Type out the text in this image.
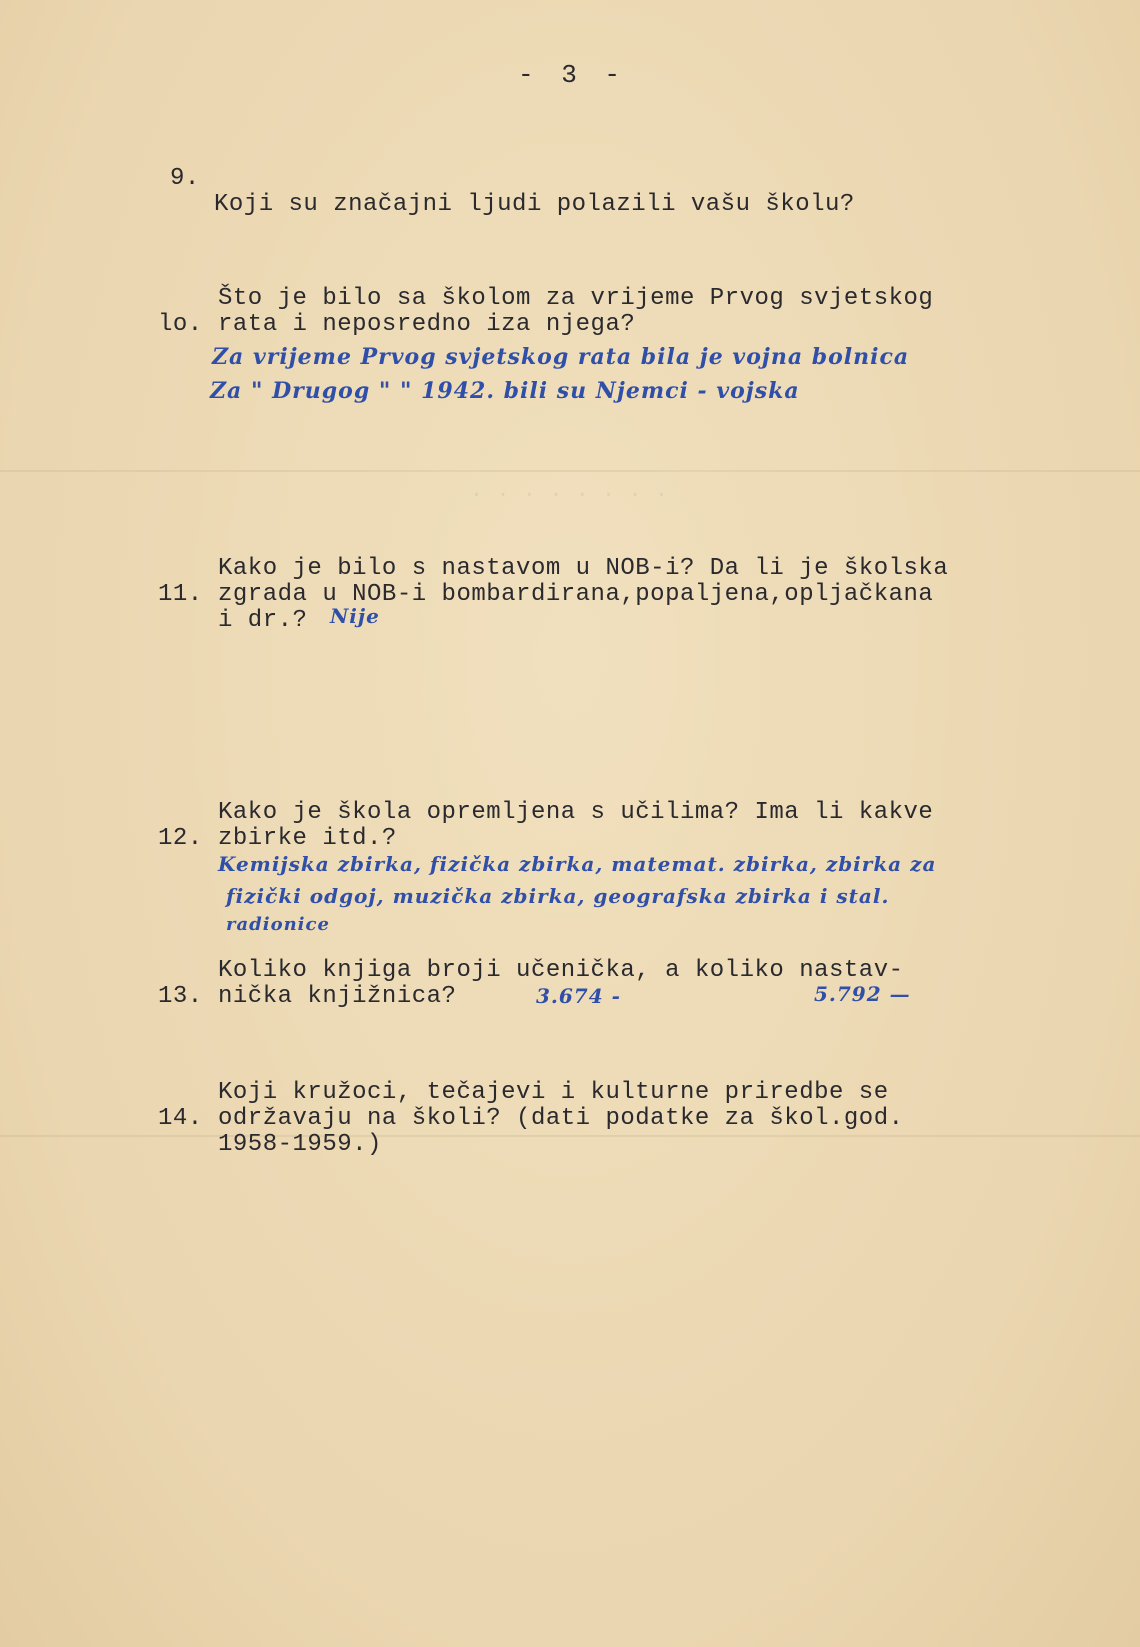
- 3 -

9.

Koji su značajni ljudi polazili vašu školu?

lo.

Što je bilo sa školom za vrijeme Prvog svjetskog

rata i neposredno iza njega?

Za vrijeme Prvog svjetskog rata bila je vojna bolnica
Za " Drugog " " 1942. bili su Njemci - vojska
. . . . . . . .

11.

Kako je bilo s nastavom u NOB-i? Da li je školska

zgrada u NOB-i bombardirana,popaljena,opljačkana

i dr.?

Nije

12.

Kako je škola opremljena s učilima? Ima li kakve

zbirke itd.?

Kemijska zbirka, fizička zbirka, matemat. zbirka, zbirka za
fizički odgoj, muzička zbirka, geografska zbirka i stal.
radionice

13.

Koliko knjiga broji učenička, a koliko nastav-

nička knjižnica?

	3.674 -	5.792 —

14.

Koji kružoci, tečajevi i kulturne priredbe se

održavaju na školi? (dati podatke za škol.god.

1958-1959.)
